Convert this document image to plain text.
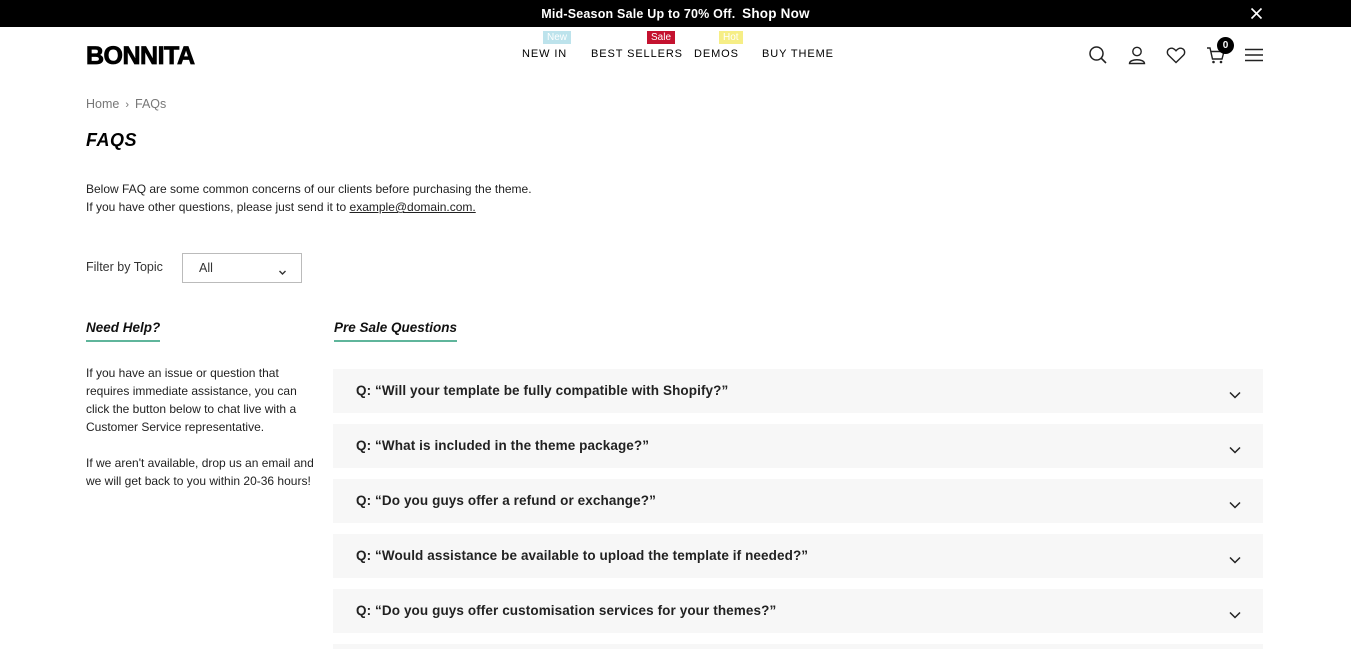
Mid-Season Sale Up to 70% Off. Shop Now
BONNITA	NEW IN
New
BEST SELLERS
Sale
DEMOS
Hot
BUY THEME
0
Home › FAQs
FAQS
Below FAQ are some common concerns of our clients before purchasing the theme.
If you have other questions, please just send it to example@domain.com.
Filter by Topic	All
Need Help?

If you have an issue or question that requires immediate assistance, you can click the button below to chat live with a Customer Service representative.

If we aren't available, drop us an email and we will get back to you within 20-36 hours!

Pre Sale Questions
Q: “Will your template be fully compatible with Shopify?”
Q: “What is included in the theme package?”
Q: “Do you guys offer a refund or exchange?”
Q: “Would assistance be available to upload the template if needed?”
Q: “Do you guys offer customisation services for your themes?”
